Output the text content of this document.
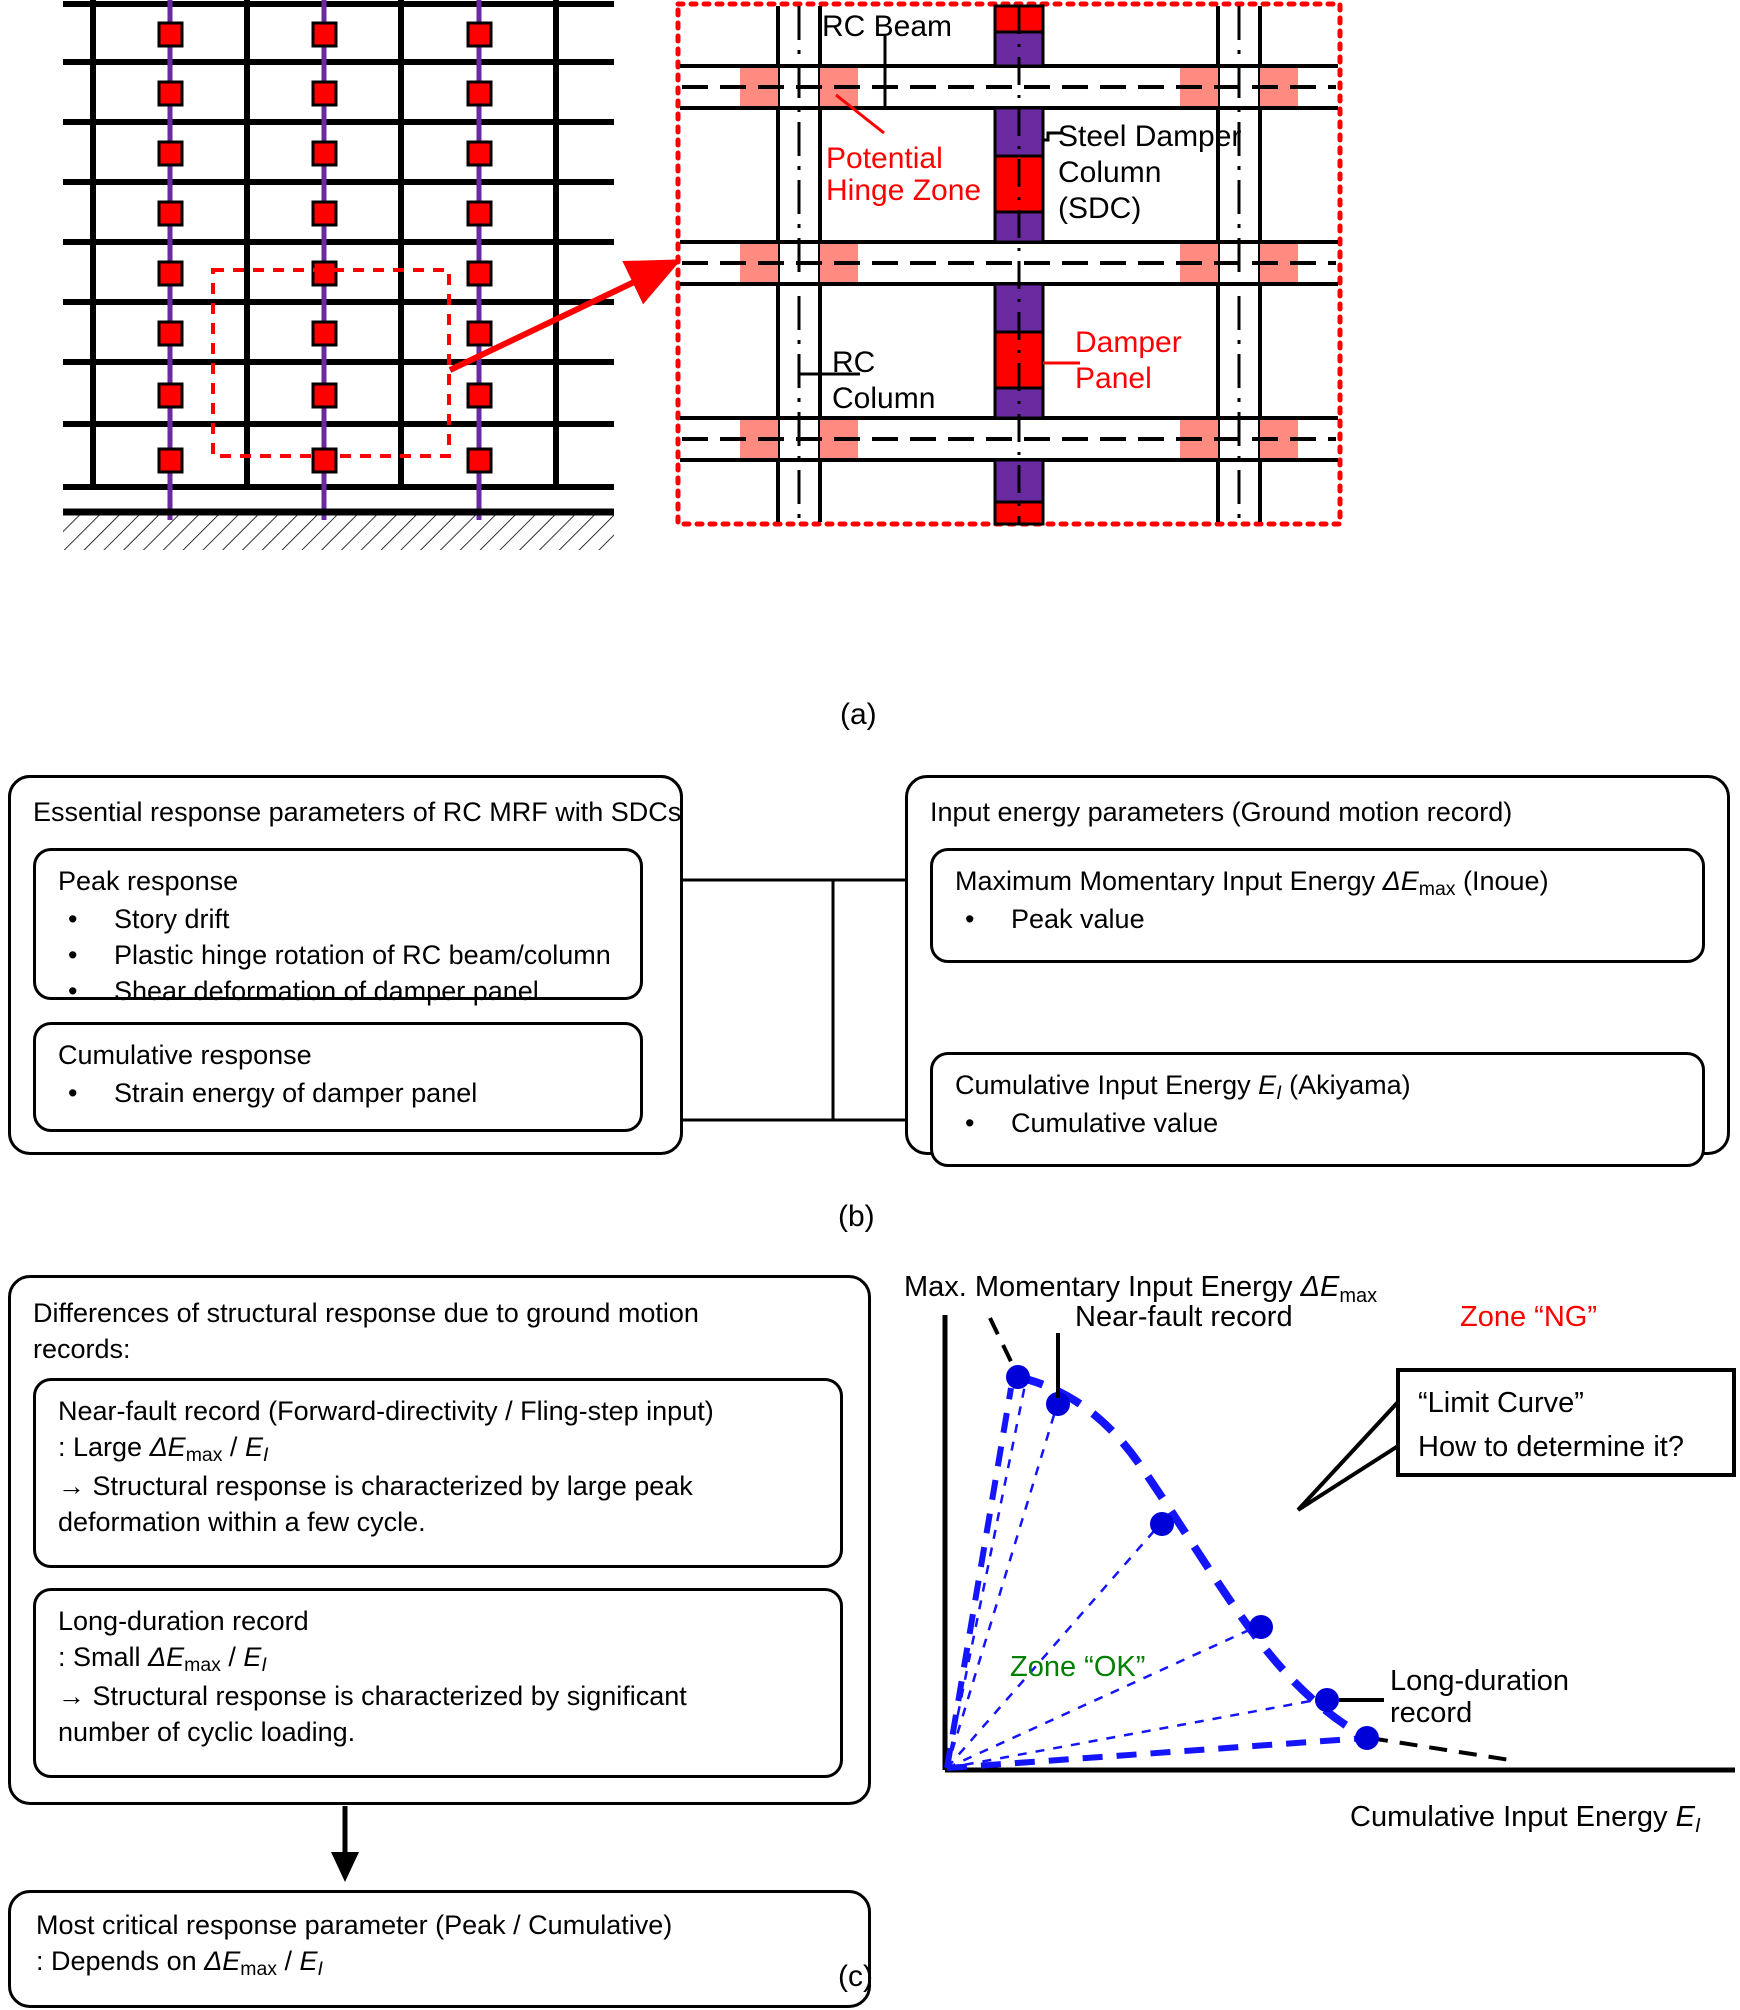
RC Beam
RC
Column
Potential
Hinge Zone
Steel Damper
Column
(SDC)
Damper
Panel
(a)
Essential response parameters of RC MRF with SDCs
Peak response
•	Story drift
•	Plastic hinge rotation of RC beam/column
•	Shear deformation of damper panel
Cumulative response
•	Strain energy of damper panel
Input energy parameters (Ground motion record)
Maximum Momentary Input Energy $\Delta E_{max}$ (Inoue)
•	Peak value
Cumulative Input Energy $E_I$ (Akiyama)
•	Cumulative value
(b)
Differences of structural response due to ground motion
records:
Near-fault record (Forward-directivity / Fling-step input)
: Large $\Delta E_{max} / E_I$
→ Structural response is characterized by large peak
deformation within a few cycle.
Long-duration record
: Small $\Delta E_{max} / E_I$
→ Structural response is characterized by significant
number of cyclic loading.
Most critical response parameter (Peak / Cumulative)
: Depends on $\Delta E_{max} / E_I$
Max. Momentary Input Energy $\Delta E_{max}$
Near-fault record	Zone “NG”
Zone “OK”	Long-duration
record
“Limit Curve”
How to determine it?
Cumulative Input Energy $E_I$
(c)
